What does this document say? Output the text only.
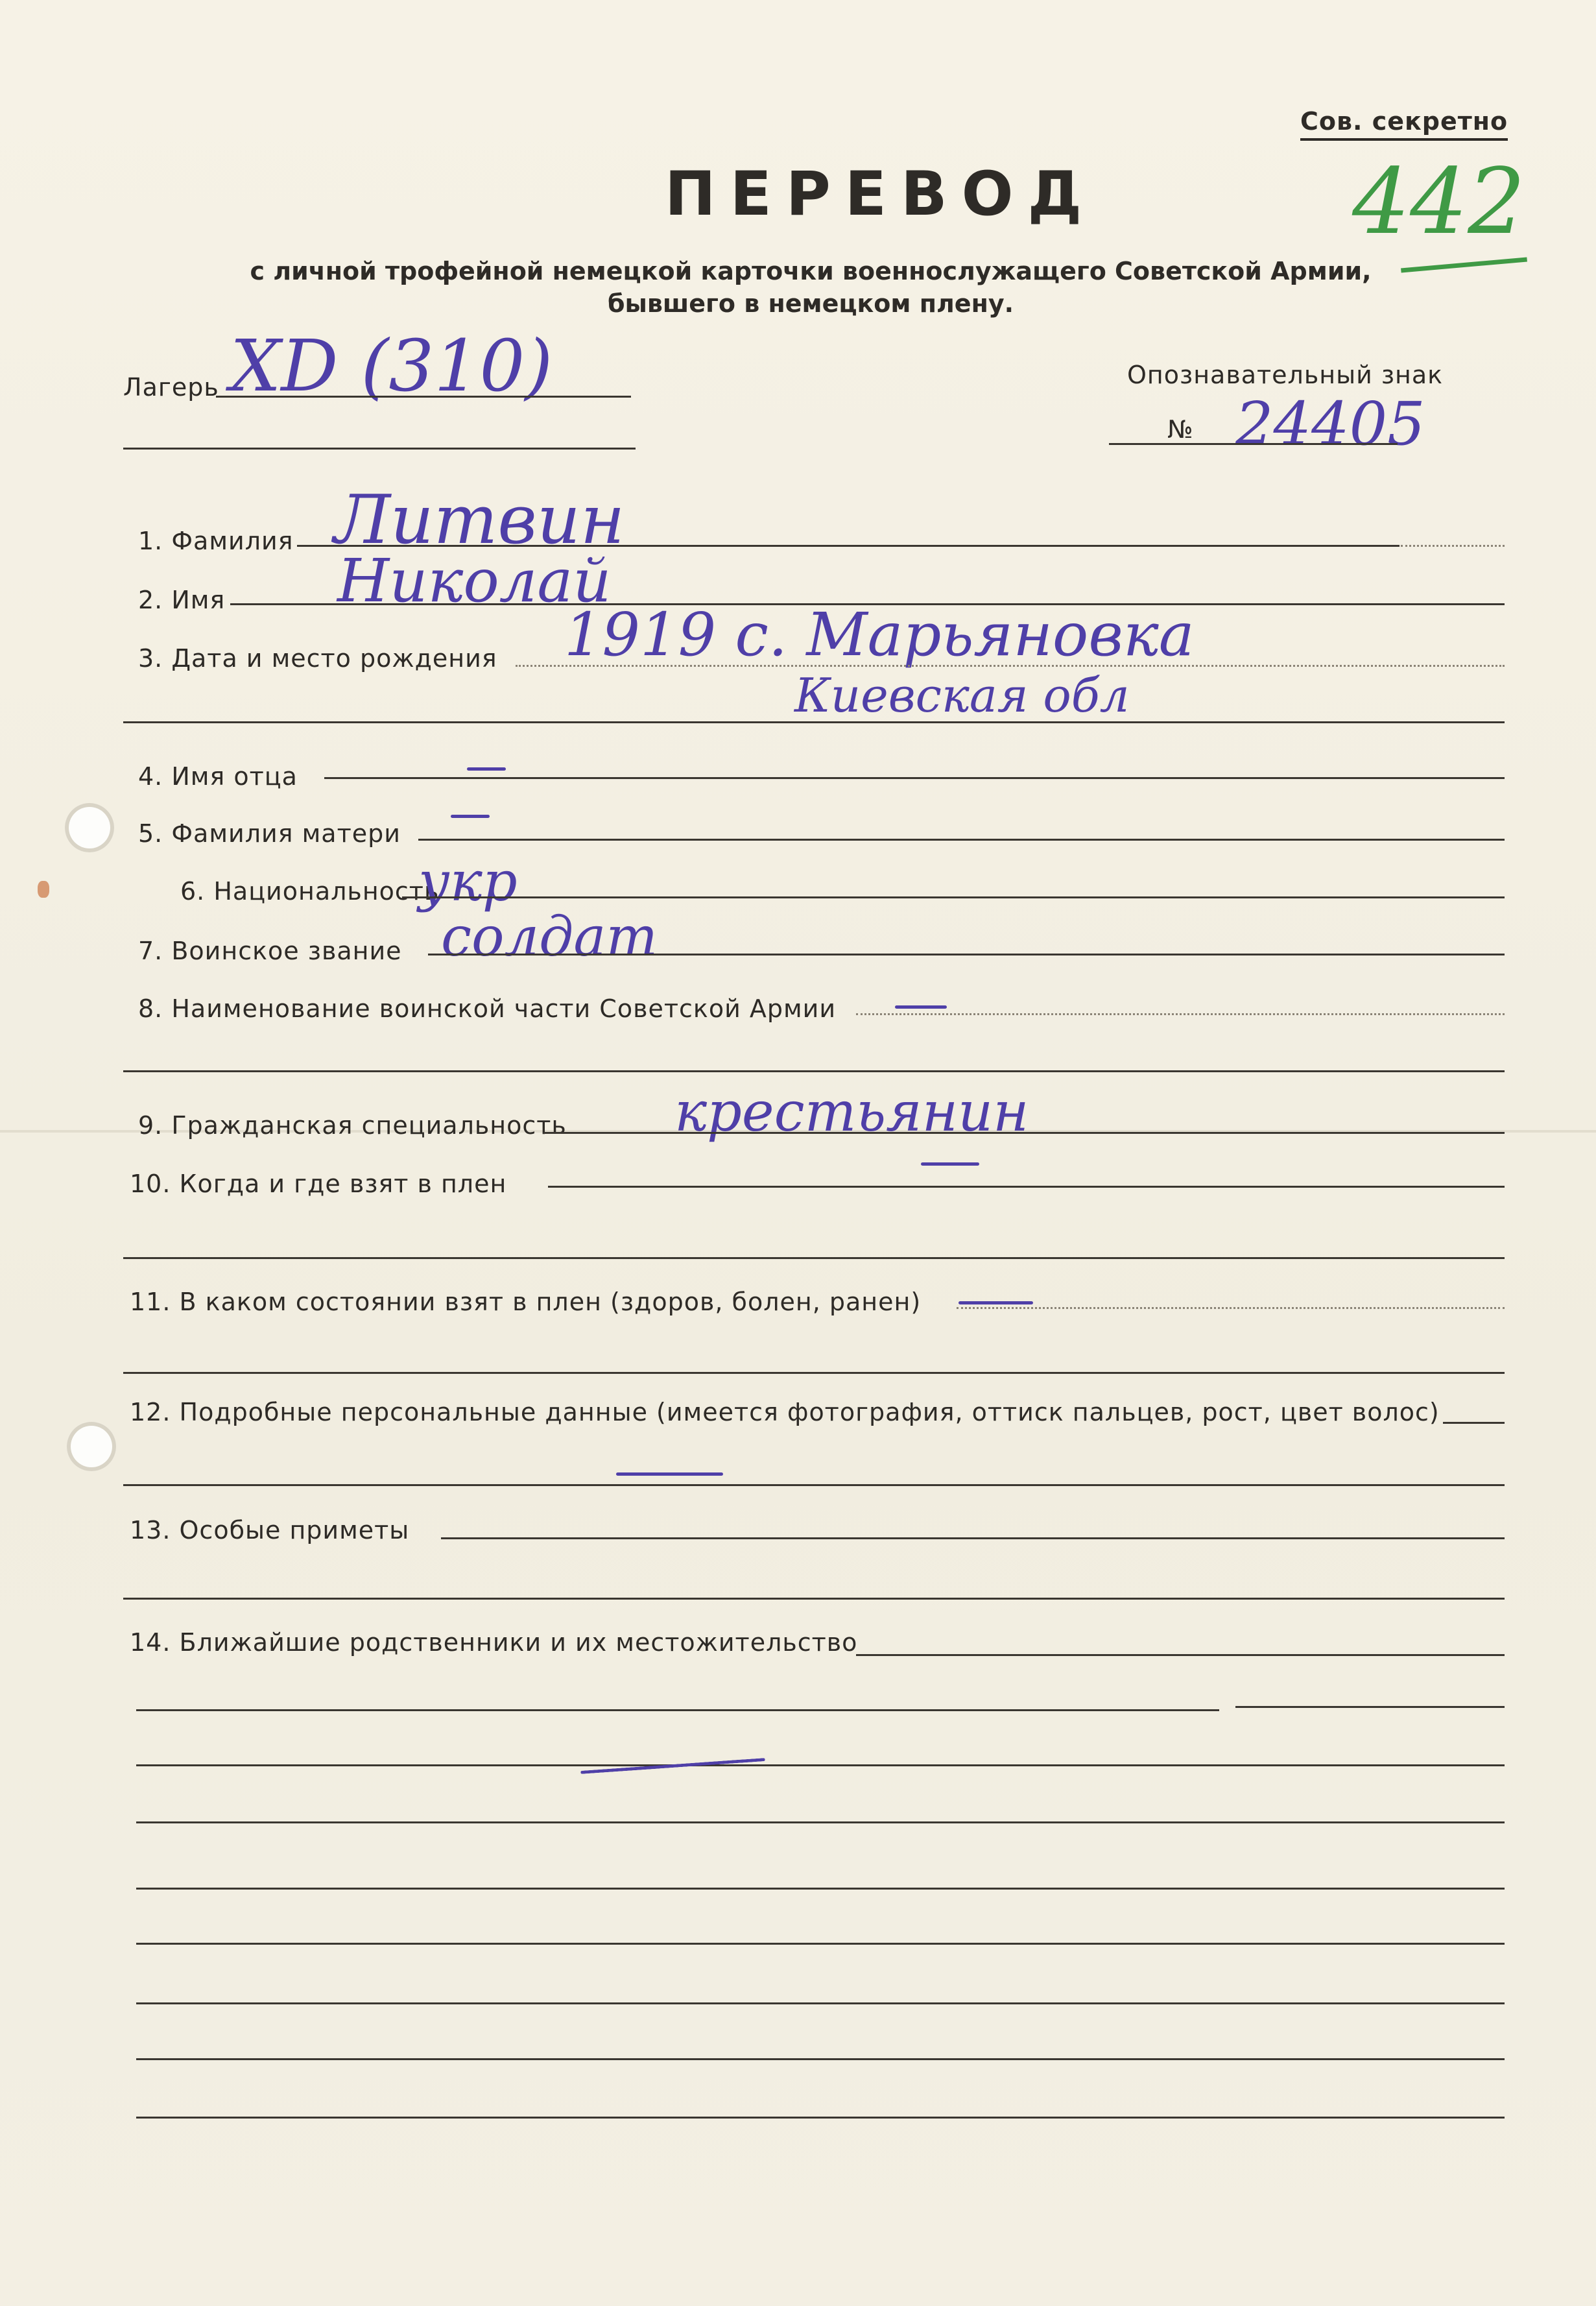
Сов. секретно

442

ПЕРЕВОД

с личной трофейной немецкой карточки военнослужащего Советской Армии,
бывшего в немецком плену.

Лагерь XD (310)	Опознавательный знак

№ 24405

1. Фамилия Литвин

2. Имя Николай

3. Дата и место рождения 1919 с. Марьяновка

Киевская обл

4. Имя отца

5. Фамилия матери

6. Национальность

укр

7. Воинское звание солдат

8. Наименование воинской части Советской Армии

9. Гражданская специальность крестьянин

10. Когда и где взят в плен

11. В каком состоянии взят в плен (здоров, болен, ранен)

12. Подробные персональные данные (имеется фотография, оттиск пальцев, рост, цвет волос)

13. Особые приметы

14. Ближайшие родственники и их местожительство
